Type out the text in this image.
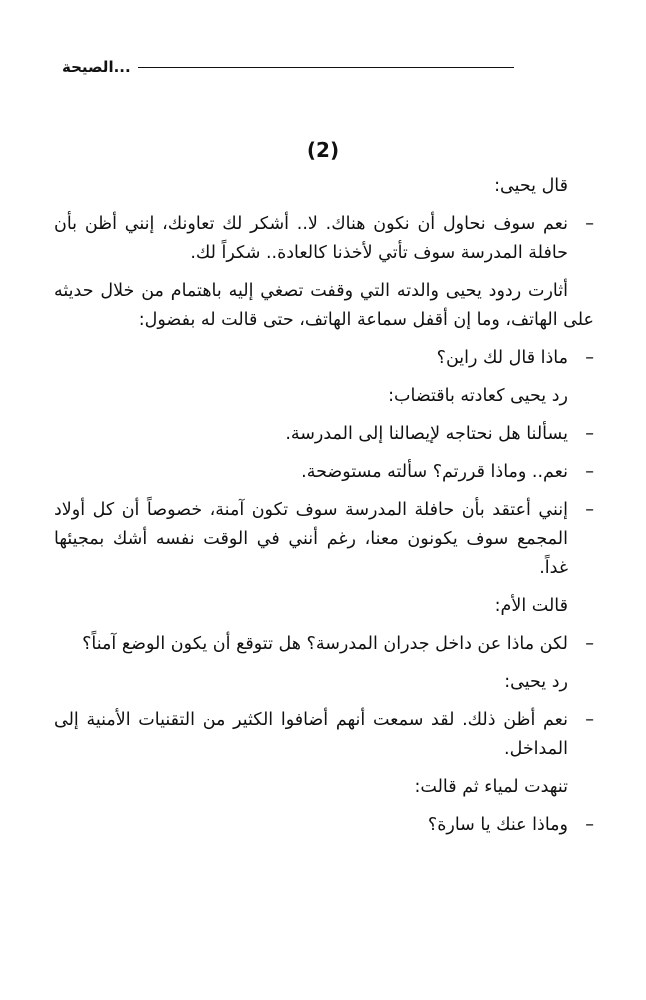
الصيحة...
(2)

قال يحيى:

–نعم سوف نحاول أن نكون هناك. لا.. أشكر لك تعاونك، إنني أظن بأن حافلة المدرسة سوف تأتي لأخذنا كالعادة.. شكراً لك.

أثارت ردود يحيى والدته التي وقفت تصغي إليه باهتمام من خلال حديثه على الهاتف، وما إن أقفل سماعة الهاتف، حتى قالت له بفضول:

–ماذا قال لك راين؟

رد يحيى كعادته باقتضاب:

–يسألنا هل نحتاجه لإيصالنا إلى المدرسة.

–نعم.. وماذا قررتم؟ سألته مستوضحة.

–إنني أعتقد بأن حافلة المدرسة سوف تكون آمنة، خصوصاً أن كل أولاد المجمع سوف يكونون معنا، رغم أنني في الوقت نفسه أشك بمجيئها غداً.

قالت الأم:

–لكن ماذا عن داخل جدران المدرسة؟ هل تتوقع أن يكون الوضع آمناً؟

رد يحيى:

–نعم أظن ذلك. لقد سمعت أنهم أضافوا الكثير من التقنيات الأمنية إلى المداخل.

تنهدت لمياء ثم قالت:

–وماذا عنك يا سارة؟
